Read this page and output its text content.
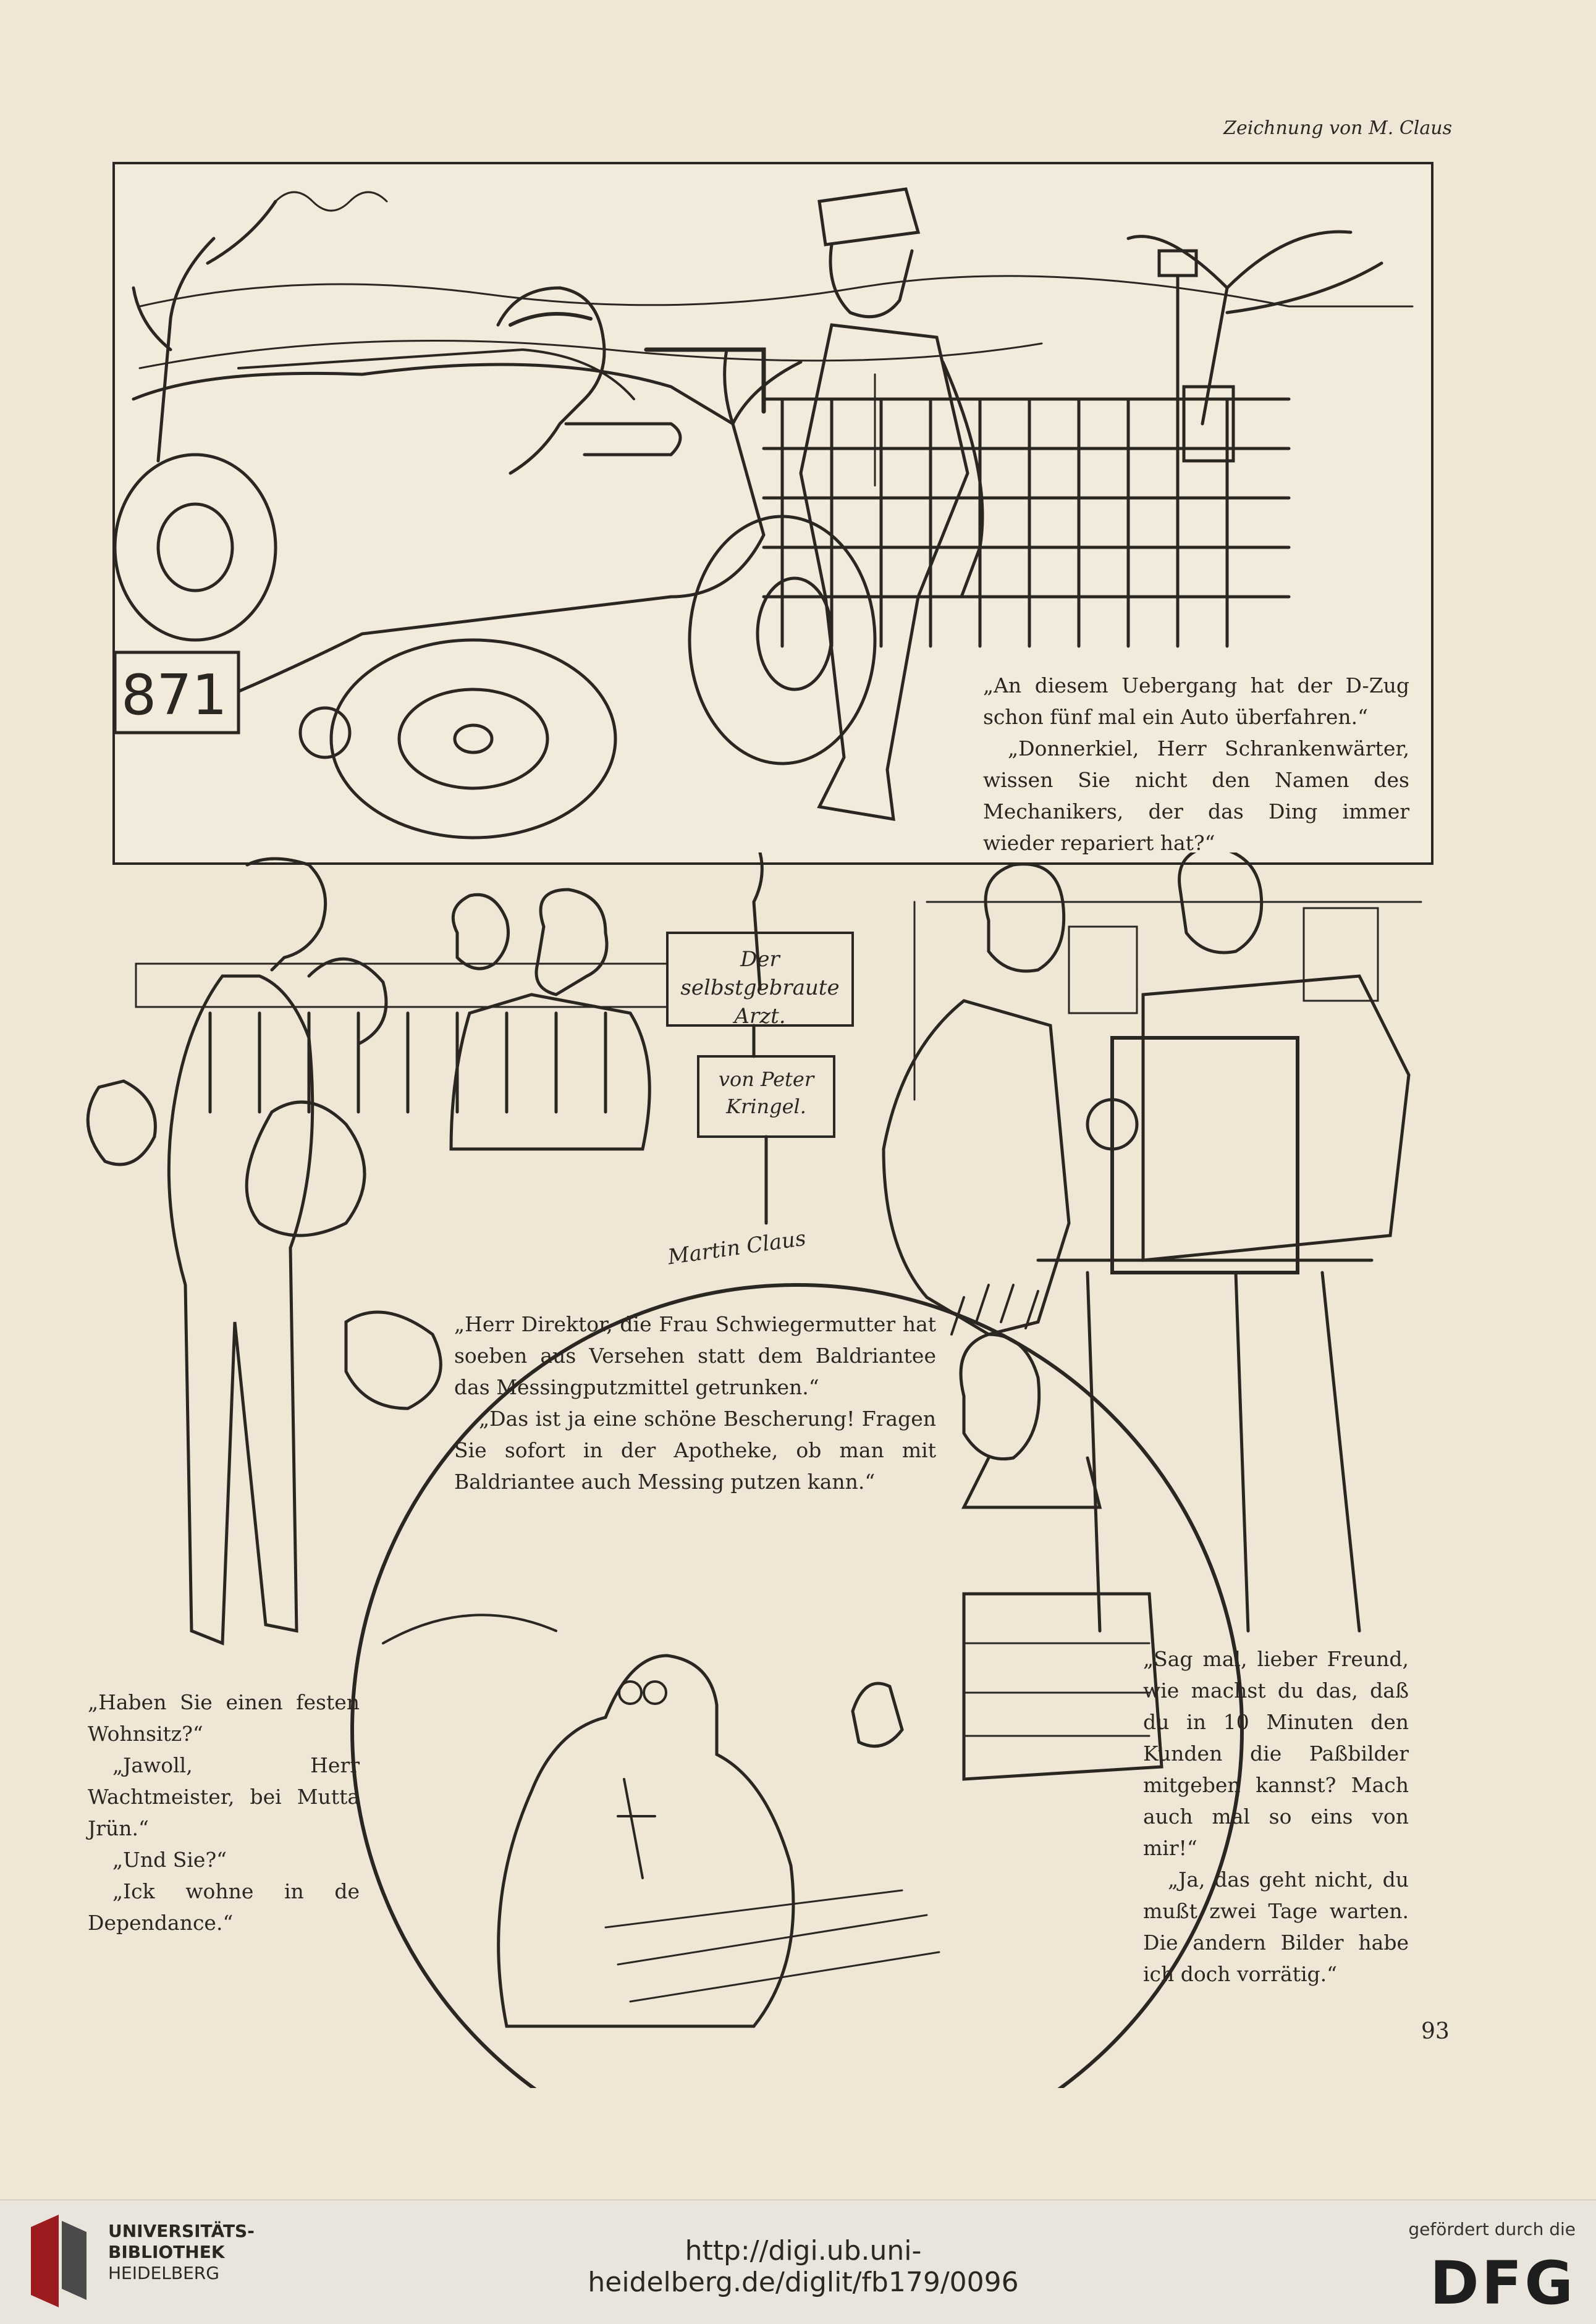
Zeichnung von M. Claus
871	„An diesem Uebergang hat der D-Zug schon fünf mal ein Auto überfahren.“

„Donnerkiel, Herr Schrankenwärter, wissen Sie nicht den Namen des Mechanikers, der das Ding immer wieder repariert hat?“

Der selbstgebraute Arzt.
von Peter Kringel.
Martin Claus

„Haben Sie einen festen Wohnsitz?“

„Jawoll, Herr Wachtmeister, bei Mutta Jrün.“

„Und Sie?“

„Ick wohne in de Dependance.“

„Herr Direktor, die Frau Schwiegermutter hat soeben aus Versehen statt dem Baldriantee das Messingputzmittel getrunken.“

„Das ist ja eine schöne Bescherung! Fragen Sie sofort in der Apotheke, ob man mit Baldriantee auch Messing putzen kann.“

„Sag mal, lieber Freund, wie machst du das, daß du in 10 Minuten den Kunden die Paßbilder mitgeben kannst? Mach auch mal so eins von mir!“

„Ja, das geht nicht, du mußt zwei Tage warten. Die andern Bilder habe ich doch vorrätig.“

93
UNIVERSITÄTS-
BIBLIOTHEK
HEIDELBERG
http://digi.ub.uni-heidelberg.de/diglit/fb179/0096
gefördert durch die
DFG
